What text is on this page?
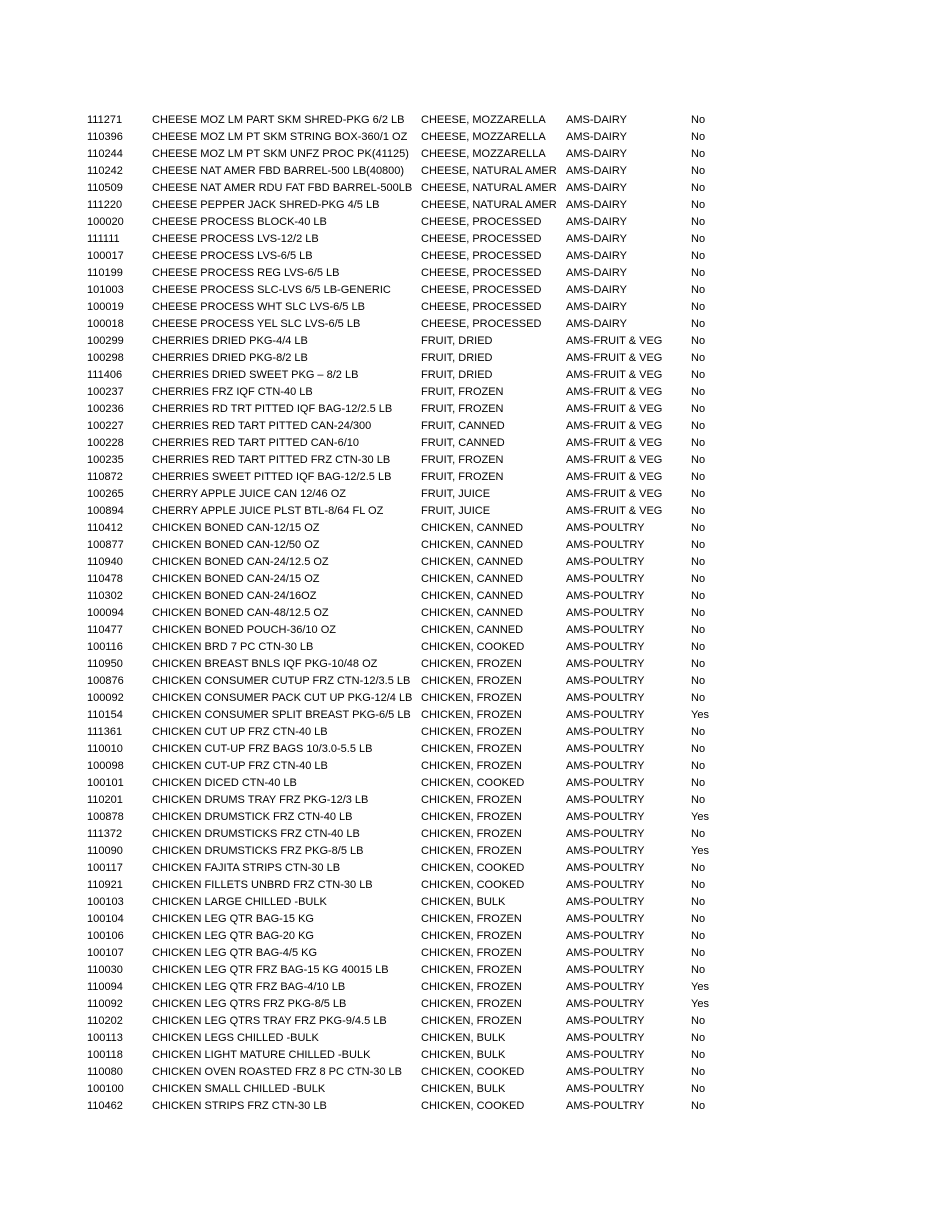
111271	CHEESE MOZ LM PART SKM SHRED-PKG 6/2 LB	CHEESE, MOZZARELLA	AMS-DAIRY	No
110396	CHEESE MOZ LM PT SKM STRING BOX-360/1 OZ	CHEESE, MOZZARELLA	AMS-DAIRY	No
110244	CHEESE MOZ LM PT SKM UNFZ PROC PK(41125)	CHEESE, MOZZARELLA	AMS-DAIRY	No
110242	CHEESE NAT AMER FBD BARREL-500 LB(40800)	CHEESE, NATURAL AMER	AMS-DAIRY	No
110509	CHEESE NAT AMER RDU FAT FBD BARREL-500LB	CHEESE, NATURAL AMER	AMS-DAIRY	No
111220	CHEESE PEPPER JACK SHRED-PKG 4/5 LB	CHEESE, NATURAL AMER	AMS-DAIRY	No
100020	CHEESE PROCESS BLOCK-40 LB	CHEESE, PROCESSED	AMS-DAIRY	No
111111	CHEESE PROCESS LVS-12/2 LB	CHEESE, PROCESSED	AMS-DAIRY	No
100017	CHEESE PROCESS LVS-6/5 LB	CHEESE, PROCESSED	AMS-DAIRY	No
110199	CHEESE PROCESS REG LVS-6/5 LB	CHEESE, PROCESSED	AMS-DAIRY	No
101003	CHEESE PROCESS SLC-LVS 6/5 LB-GENERIC	CHEESE, PROCESSED	AMS-DAIRY	No
100019	CHEESE PROCESS WHT SLC LVS-6/5 LB	CHEESE, PROCESSED	AMS-DAIRY	No
100018	CHEESE PROCESS YEL SLC LVS-6/5 LB	CHEESE, PROCESSED	AMS-DAIRY	No
100299	CHERRIES DRIED PKG-4/4 LB	FRUIT, DRIED	AMS-FRUIT & VEG	No
100298	CHERRIES DRIED PKG-8/2 LB	FRUIT, DRIED	AMS-FRUIT & VEG	No
111406	CHERRIES DRIED SWEET PKG – 8/2 LB	FRUIT, DRIED	AMS-FRUIT & VEG	No
100237	CHERRIES FRZ IQF CTN-40 LB	FRUIT, FROZEN	AMS-FRUIT & VEG	No
100236	CHERRIES RD TRT PITTED IQF BAG-12/2.5 LB	FRUIT, FROZEN	AMS-FRUIT & VEG	No
100227	CHERRIES RED TART PITTED CAN-24/300	FRUIT, CANNED	AMS-FRUIT & VEG	No
100228	CHERRIES RED TART PITTED CAN-6/10	FRUIT, CANNED	AMS-FRUIT & VEG	No
100235	CHERRIES RED TART PITTED FRZ CTN-30 LB	FRUIT, FROZEN	AMS-FRUIT & VEG	No
110872	CHERRIES SWEET PITTED IQF BAG-12/2.5 LB	FRUIT, FROZEN	AMS-FRUIT & VEG	No
100265	CHERRY APPLE JUICE CAN 12/46 OZ	FRUIT, JUICE	AMS-FRUIT & VEG	No
100894	CHERRY APPLE JUICE PLST BTL-8/64 FL OZ	FRUIT, JUICE	AMS-FRUIT & VEG	No
110412	CHICKEN BONED CAN-12/15 OZ	CHICKEN, CANNED	AMS-POULTRY	No
100877	CHICKEN BONED CAN-12/50 OZ	CHICKEN, CANNED	AMS-POULTRY	No
110940	CHICKEN BONED CAN-24/12.5 OZ	CHICKEN, CANNED	AMS-POULTRY	No
110478	CHICKEN BONED CAN-24/15 OZ	CHICKEN, CANNED	AMS-POULTRY	No
110302	CHICKEN BONED CAN-24/16OZ	CHICKEN, CANNED	AMS-POULTRY	No
100094	CHICKEN BONED CAN-48/12.5 OZ	CHICKEN, CANNED	AMS-POULTRY	No
110477	CHICKEN BONED POUCH-36/10 OZ	CHICKEN, CANNED	AMS-POULTRY	No
100116	CHICKEN BRD 7 PC CTN-30 LB	CHICKEN, COOKED	AMS-POULTRY	No
110950	CHICKEN BREAST BNLS IQF PKG-10/48 OZ	CHICKEN, FROZEN	AMS-POULTRY	No
100876	CHICKEN CONSUMER CUTUP FRZ CTN-12/3.5 LB	CHICKEN, FROZEN	AMS-POULTRY	No
100092	CHICKEN CONSUMER PACK CUT UP PKG-12/4 LB	CHICKEN, FROZEN	AMS-POULTRY	No
110154	CHICKEN CONSUMER SPLIT BREAST PKG-6/5 LB	CHICKEN, FROZEN	AMS-POULTRY	Yes
111361	CHICKEN CUT UP FRZ CTN-40 LB	CHICKEN, FROZEN	AMS-POULTRY	No
110010	CHICKEN CUT-UP FRZ BAGS 10/3.0-5.5 LB	CHICKEN, FROZEN	AMS-POULTRY	No
100098	CHICKEN CUT-UP FRZ CTN-40 LB	CHICKEN, FROZEN	AMS-POULTRY	No
100101	CHICKEN DICED CTN-40 LB	CHICKEN, COOKED	AMS-POULTRY	No
110201	CHICKEN DRUMS TRAY FRZ PKG-12/3 LB	CHICKEN, FROZEN	AMS-POULTRY	No
100878	CHICKEN DRUMSTICK FRZ CTN-40 LB	CHICKEN, FROZEN	AMS-POULTRY	Yes
111372	CHICKEN DRUMSTICKS FRZ CTN-40 LB	CHICKEN, FROZEN	AMS-POULTRY	No
110090	CHICKEN DRUMSTICKS FRZ PKG-8/5 LB	CHICKEN, FROZEN	AMS-POULTRY	Yes
100117	CHICKEN FAJITA STRIPS CTN-30 LB	CHICKEN, COOKED	AMS-POULTRY	No
110921	CHICKEN FILLETS UNBRD FRZ CTN-30 LB	CHICKEN, COOKED	AMS-POULTRY	No
100103	CHICKEN LARGE CHILLED -BULK	CHICKEN, BULK	AMS-POULTRY	No
100104	CHICKEN LEG QTR BAG-15 KG	CHICKEN, FROZEN	AMS-POULTRY	No
100106	CHICKEN LEG QTR BAG-20 KG	CHICKEN, FROZEN	AMS-POULTRY	No
100107	CHICKEN LEG QTR BAG-4/5 KG	CHICKEN, FROZEN	AMS-POULTRY	No
110030	CHICKEN LEG QTR FRZ BAG-15 KG 40015 LB	CHICKEN, FROZEN	AMS-POULTRY	No
110094	CHICKEN LEG QTR FRZ BAG-4/10 LB	CHICKEN, FROZEN	AMS-POULTRY	Yes
110092	CHICKEN LEG QTRS FRZ PKG-8/5 LB	CHICKEN, FROZEN	AMS-POULTRY	Yes
110202	CHICKEN LEG QTRS TRAY FRZ PKG-9/4.5 LB	CHICKEN, FROZEN	AMS-POULTRY	No
100113	CHICKEN LEGS CHILLED -BULK	CHICKEN, BULK	AMS-POULTRY	No
100118	CHICKEN LIGHT MATURE CHILLED -BULK	CHICKEN, BULK	AMS-POULTRY	No
110080	CHICKEN OVEN ROASTED FRZ 8 PC CTN-30 LB	CHICKEN, COOKED	AMS-POULTRY	No
100100	CHICKEN SMALL CHILLED -BULK	CHICKEN, BULK	AMS-POULTRY	No
110462	CHICKEN STRIPS FRZ CTN-30 LB	CHICKEN, COOKED	AMS-POULTRY	No
